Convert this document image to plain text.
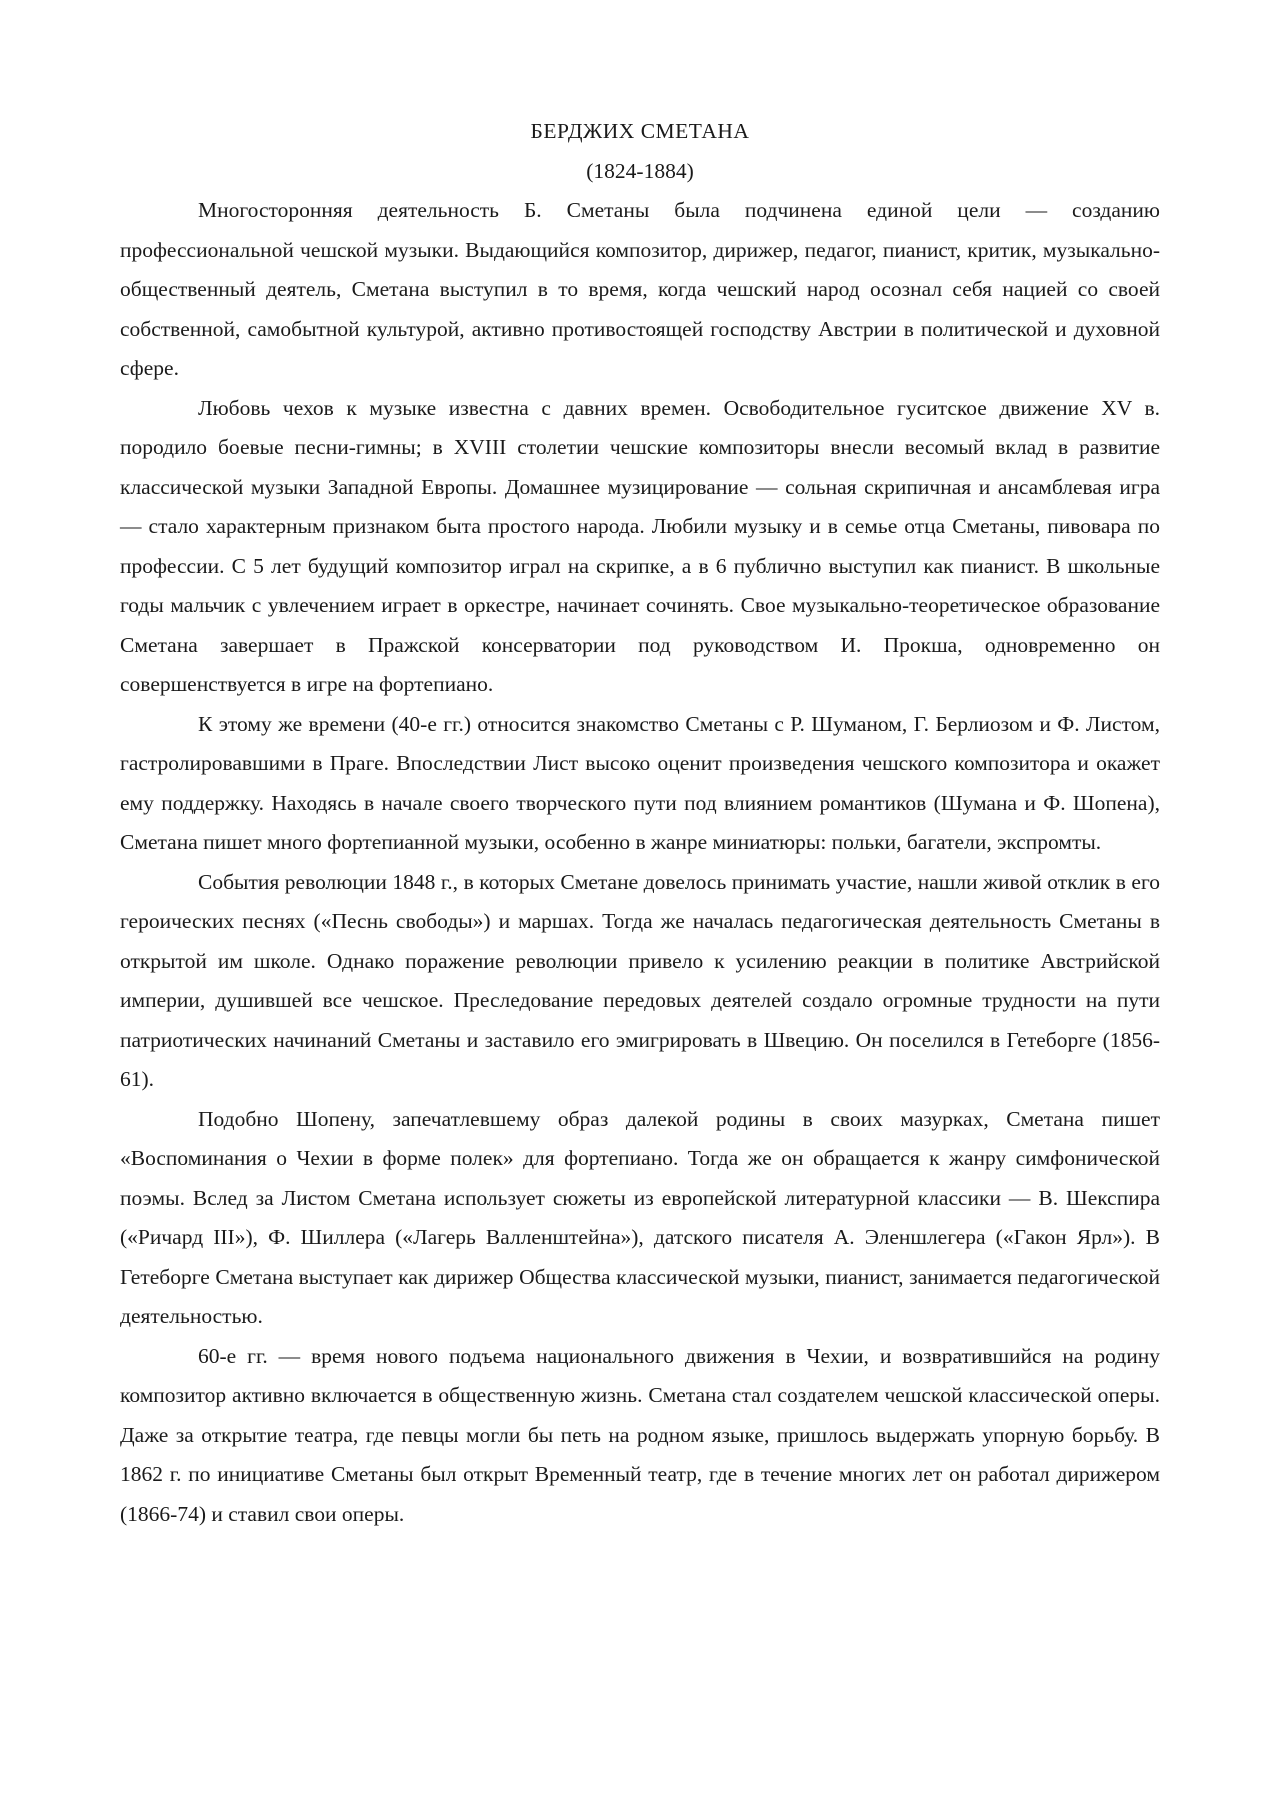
БЕРДЖИХ СМЕТАНА

(1824-1884)

Многосторонняя деятельность Б. Сметаны была подчинена единой цели — созданию профессиональной чешской музыки. Выдающийся композитор, дирижер, педагог, пианист, критик, музыкально-общественный деятель, Сметана выступил в то время, когда чешский народ осознал себя нацией со своей собственной, самобытной культурой, активно противостоящей господству Австрии в политической и духовной сфере.

Любовь чехов к музыке известна с давних времен. Освободительное гуситское движение XV в. породило боевые песни-гимны; в XVIII столетии чешские композиторы внесли весомый вклад в развитие классической музыки Западной Европы. Домашнее музицирование — сольная скрипичная и ансамблевая игра — стало характерным признаком быта простого народа. Любили музыку и в семье отца Сметаны, пивовара по профессии. С 5 лет будущий композитор играл на скрипке, а в 6 публично выступил как пианист. В школьные годы мальчик с увлечением играет в оркестре, начинает сочинять. Свое музыкально-теоретическое образование Сметана завершает в Пражской консерватории под руководством И. Прокша, одновременно он совершенствуется в игре на фортепиано.

К этому же времени (40-е гг.) относится знакомство Сметаны с Р. Шуманом, Г. Берлиозом и Ф. Листом, гастролировавшими в Праге. Впоследствии Лист высоко оценит произведения чешского композитора и окажет ему поддержку. Находясь в начале своего творческого пути под влиянием романтиков (Шумана и Ф. Шопена), Сметана пишет много фортепианной музыки, особенно в жанре миниатюры: польки, багатели, экспромты.

События революции 1848 г., в которых Сметане довелось принимать участие, нашли живой отклик в его героических песнях («Песнь свободы») и маршах. Тогда же началась педагогическая деятельность Сметаны в открытой им школе. Однако поражение революции привело к усилению реакции в политике Австрийской империи, душившей все чешское. Преследование передовых деятелей создало огромные трудности на пути патриотических начинаний Сметаны и заставило его эмигрировать в Швецию. Он поселился в Гетеборге (1856-61).

Подобно Шопену, запечатлевшему образ далекой родины в своих мазурках, Сметана пишет «Воспоминания о Чехии в форме полек» для фортепиано. Тогда же он обращается к жанру симфонической поэмы. Вслед за Листом Сметана использует сюжеты из европейской литературной классики — В. Шекспира («Ричард III»), Ф. Шиллера («Лагерь Валленштейна»), датского писателя А. Эленшлегера («Гакон Ярл»). В Гетеборге Сметана выступает как дирижер Общества классической музыки, пианист, занимается педагогической деятельностью.

60-е гг. — время нового подъема национального движения в Чехии, и возвратившийся на родину композитор активно включается в общественную жизнь. Сметана стал создателем чешской классической оперы. Даже за открытие театра, где певцы могли бы петь на родном языке, пришлось выдержать упорную борьбу. В 1862 г. по инициативе Сметаны был открыт Временный театр, где в течение многих лет он работал дирижером (1866-74) и ставил свои оперы.
